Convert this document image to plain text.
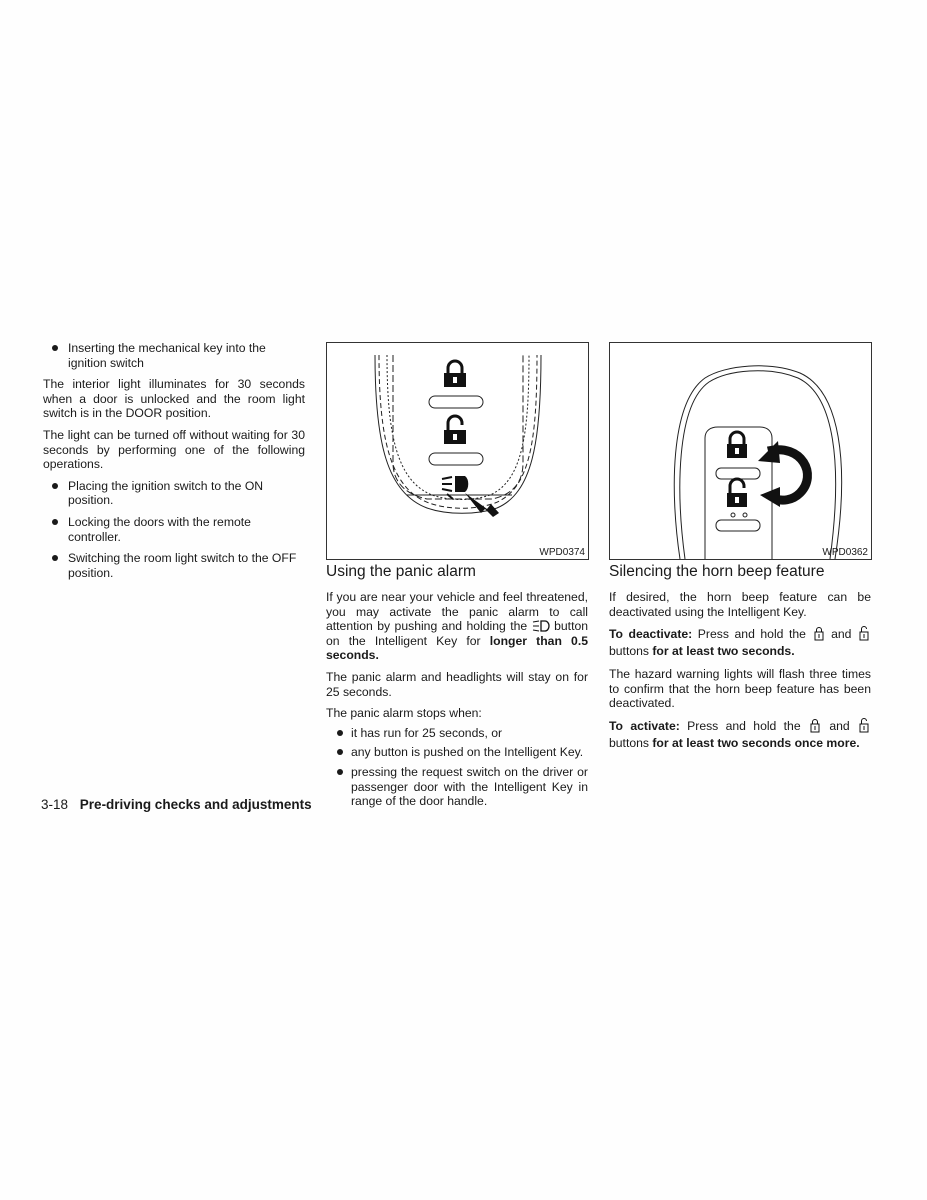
Inserting the mechanical key into the ignition switch

The interior light illuminates for 30 seconds when a door is unlocked and the room light switch is in the DOOR position.

The light can be turned off without waiting for 30 seconds by performing one of the following operations.

Placing the ignition switch to the ON position.
Locking the doors with the remote controller.
Switching the room light switch to the OFF position.
WPD0374	WPD0362
Using the panic alarm

If you are near your vehicle and feel threatened, you may activate the panic alarm to call attention by pushing and holding the button on the Intelligent Key for longer than 0.5 seconds.

The panic alarm and headlights will stay on for 25 seconds.

The panic alarm stops when:

it has run for 25 seconds, or
any button is pushed on the Intelligent Key.
pressing the request switch on the driver or passenger door with the Intelligent Key in range of the door handle.
Silencing the horn beep feature

If desired, the horn beep feature can be deactivated using the Intelligent Key.

To deactivate: Press and hold the and  buttons for at least two seconds.

The hazard warning lights will flash three times to confirm that the horn beep feature has been deactivated.

To activate: Press and hold the and  buttons for at least two seconds once more.

3-18 Pre-driving checks and adjustments
